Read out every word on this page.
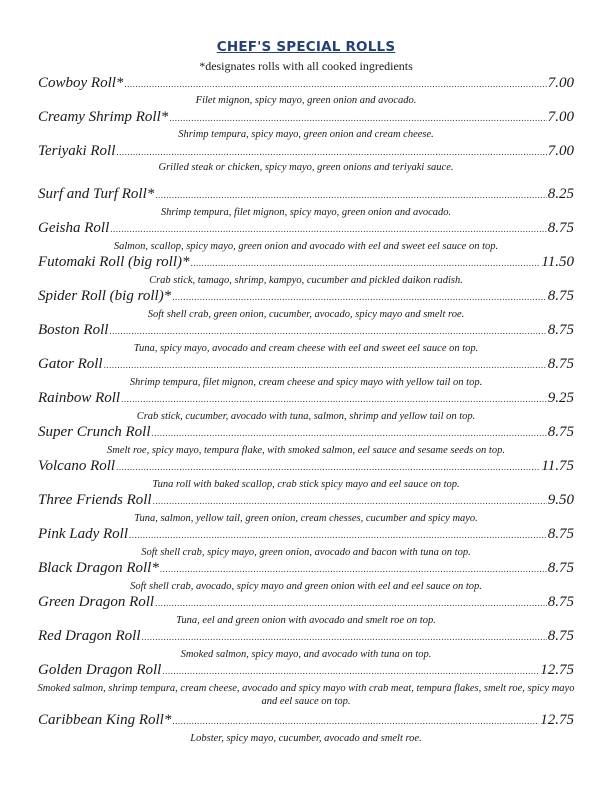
CHEF'S SPECIAL ROLLS
*designates rolls with all cooked ingredients
Cowboy Roll* .....	7.00
Filet mignon, spicy mayo, green onion and avocado.
Creamy Shrimp Roll* .....	7.00
Shrimp tempura, spicy mayo, green onion and cream cheese.
Teriyaki Roll .....	7.00
Grilled steak or chicken, spicy mayo, green onions and teriyaki sauce.
Surf and Turf Roll* .....	8.25
Shrimp tempura, filet mignon, spicy mayo, green onion and avocado.
Geisha Roll .....	8.75
Salmon, scallop, spicy mayo, green onion and avocado with eel and sweet eel sauce on top.
Futomaki Roll (big roll)* .....	11.50
Crab stick, tamago, shrimp, kampyo, cucumber and pickled daikon radish.
Spider Roll (big roll)* .....	8.75
Soft shell crab, green onion, cucumber, avocado, spicy mayo and smelt roe.
Boston Roll .....	8.75
Tuna, spicy mayo, avocado and cream cheese with eel and sweet eel sauce on top.
Gator Roll .....	8.75
Shrimp tempura, filet mignon, cream cheese and spicy mayo with yellow tail on top.
Rainbow Roll .....	9.25
Crab stick, cucumber, avocado with tuna, salmon, shrimp and yellow tail on top.
Super Crunch Roll .....	8.75
Smelt roe, spicy mayo, tempura flake, with smoked salmon, eel sauce and sesame seeds on top.
Volcano Roll .....	11.75
Tuna roll with baked scallop, crab stick spicy mayo and eel sauce on top.
Three Friends Roll .....	9.50
Tuna, salmon, yellow tail, green onion, cream chesses, cucumber and spicy mayo.
Pink Lady Roll .....	8.75
Soft shell crab, spicy mayo, green onion, avocado and bacon with tuna on top.
Black Dragon Roll* .....	8.75
Soft shell crab, avocado, spicy mayo and green onion with eel and eel sauce on top.
Green Dragon Roll .....	8.75
Tuna, eel and green onion with avocado and smelt roe on top.
Red Dragon Roll .....	8.75
Smoked salmon, spicy mayo, and avocado with tuna on top.
Golden Dragon Roll .....	12.75
Smoked salmon, shrimp tempura, cream cheese, avocado and spicy mayo with crab meat, tempura flakes, smelt roe, spicy mayo and eel sauce on top.
Caribbean King Roll* .....	12.75
Lobster, spicy mayo, cucumber, avocado and smelt roe.
